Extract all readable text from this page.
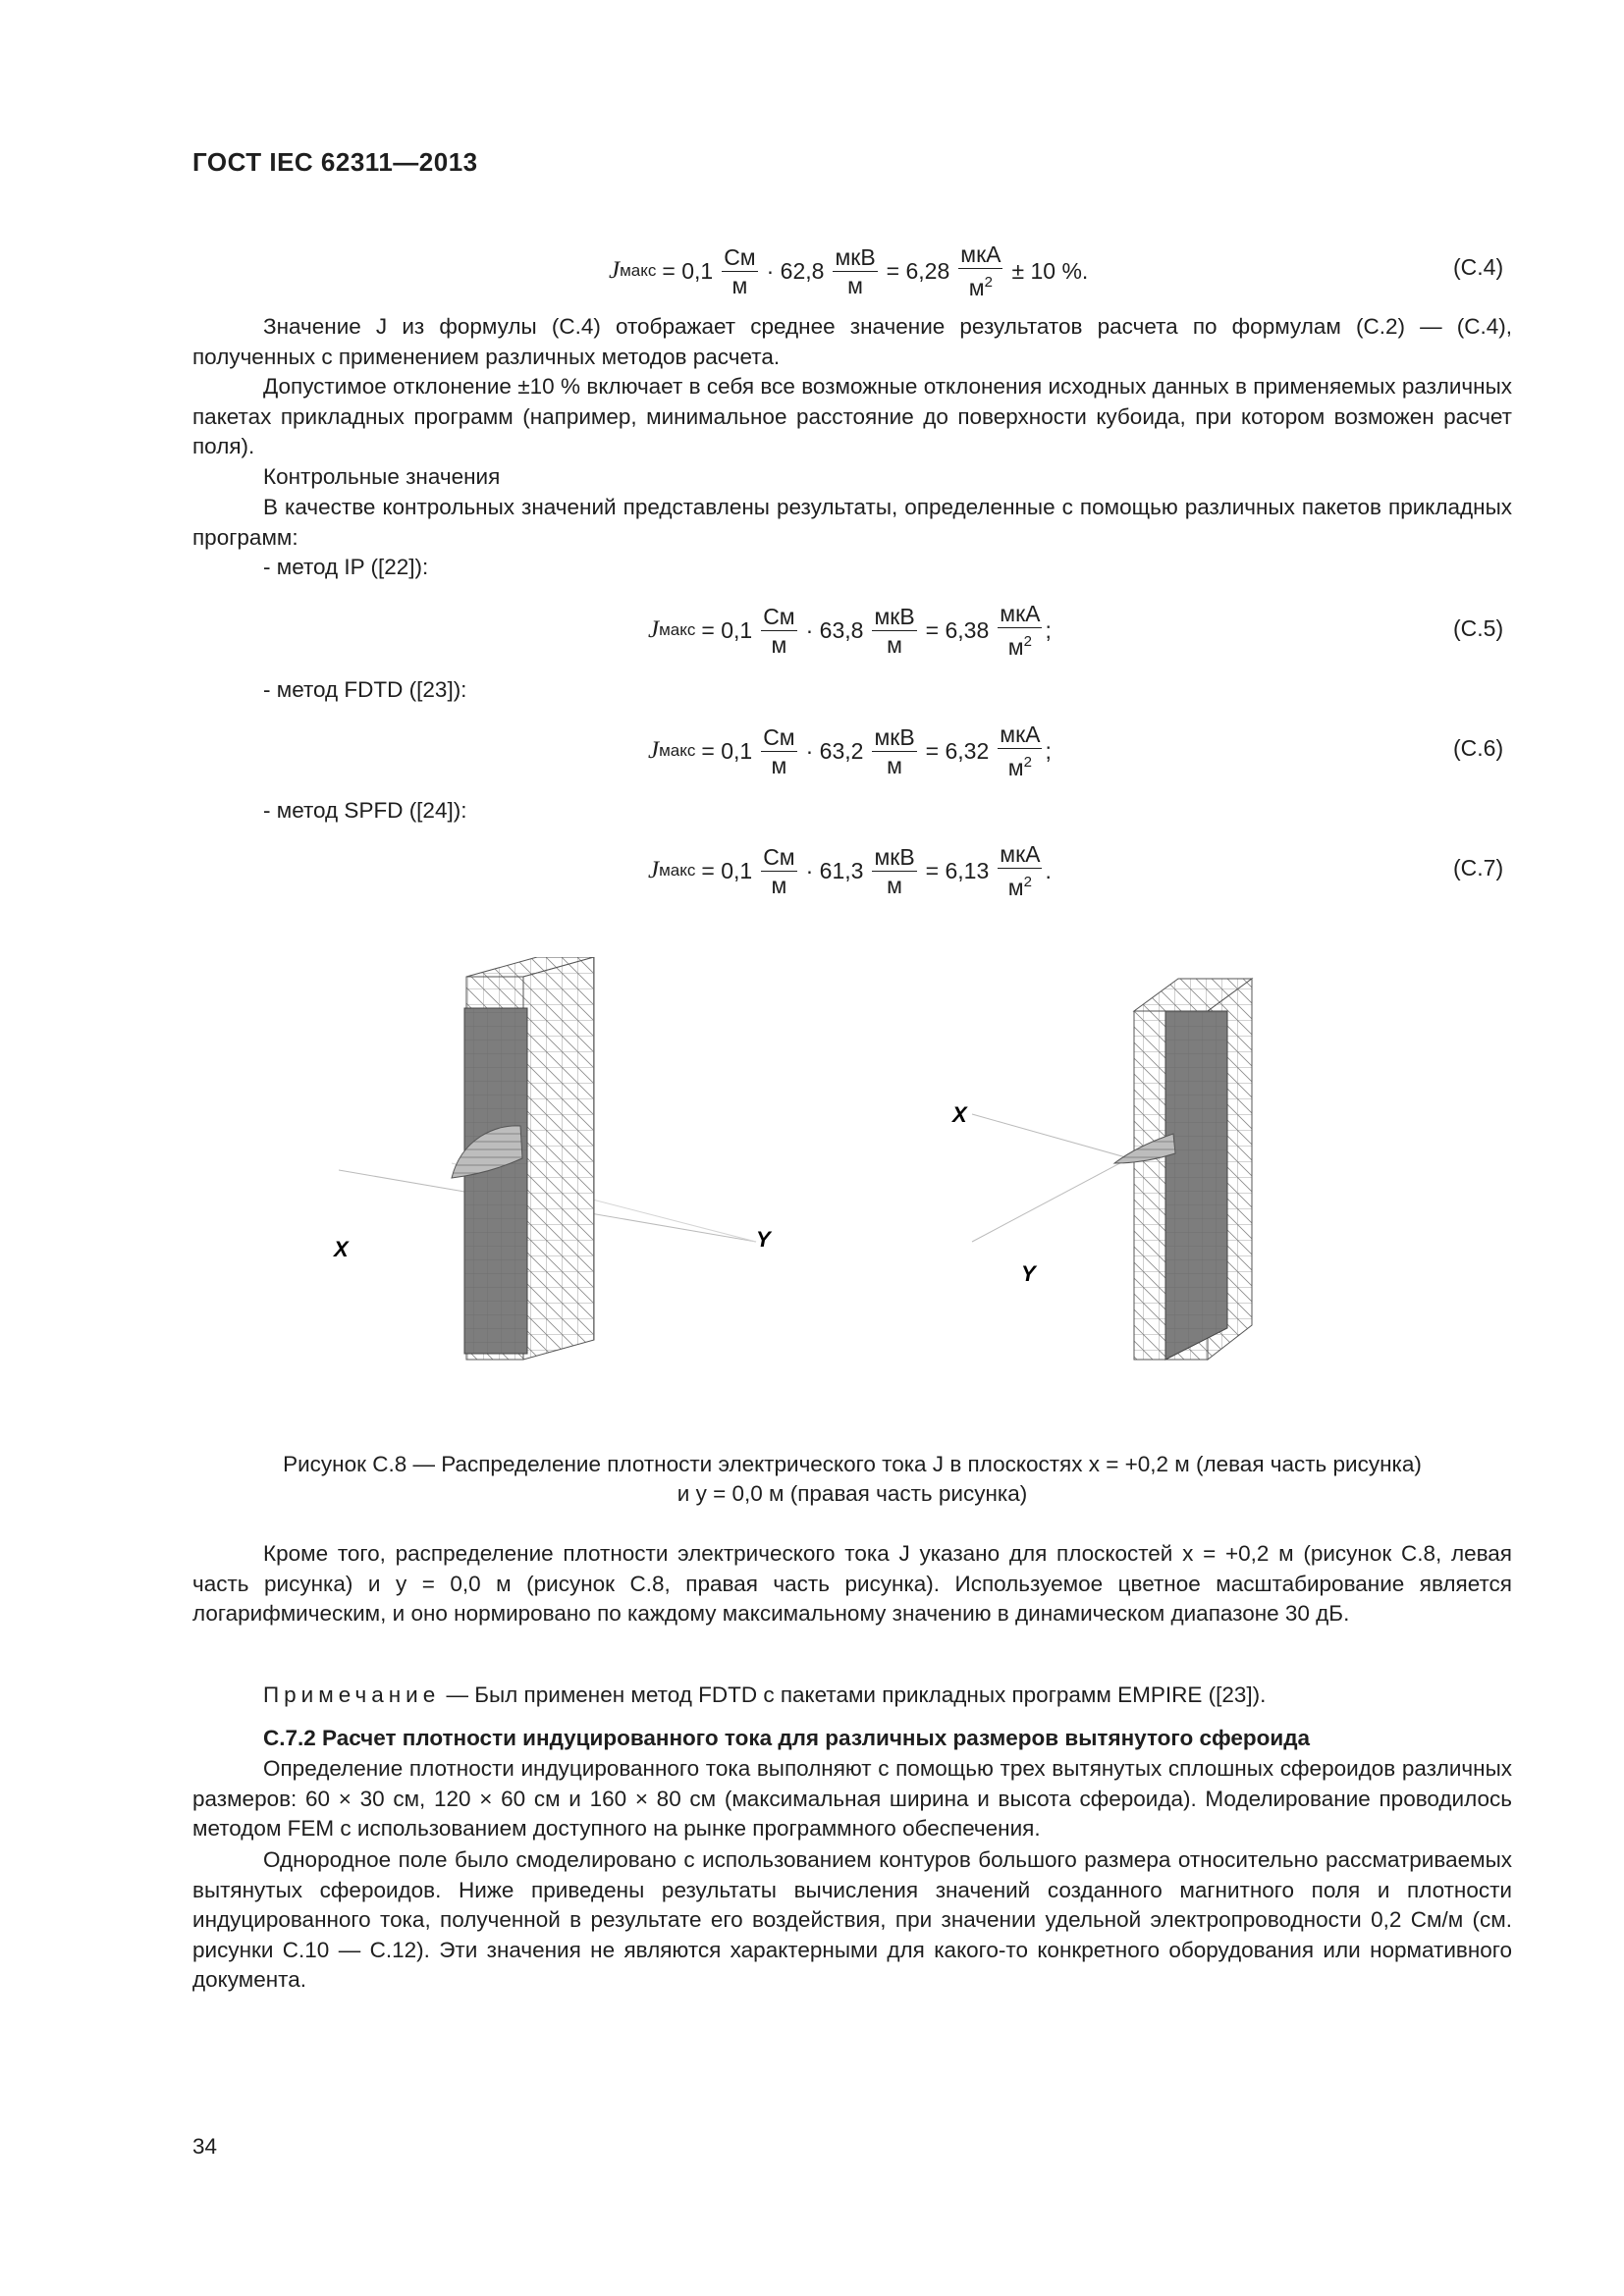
ГОСТ IEC 62311—2013
J макс = $0,1 \frac{См}{м} \cdot 62,8 \frac{\text{мкВ}}{м} = 6,28 \frac{\text{мкА}}{м^2} \pm 10$ %.	(C.4)
Значение J из формулы (C.4) отображает среднее значение результатов расчета по формулам (C.2) — (C.4), полученных с применением различных методов расчета.
Допустимое отклонение ±10 % включает в себя все возможные отклонения исходных данных в применяемых различных пакетах прикладных программ (например, минимальное расстояние до поверхности кубоида, при котором возможен расчет поля).
Контрольные значения
В качестве контрольных значений представлены результаты, определенные с помощью различных пакетов прикладных программ:
- метод IP ([22]):
J макс = $0,1 \frac{См}{м} \cdot 63,8 \frac{\text{мкВ}}{м} = 6,38 \frac{\text{мкА}}{м^2}$ ;	(C.5)
- метод FDTD ([23]):
J макс = $0,1 \frac{См}{м} \cdot 63,2 \frac{\text{мкВ}}{м} = 6,32 \frac{\text{мкА}}{м^2}$ ;	(C.6)
- метод SPFD ([24]):
J макс = $0,1 \frac{См}{м} \cdot 61,3 \frac{\text{мкВ}}{м} = 6,13 \frac{\text{мкА}}{м^2}$ .	(C.7)
X	Y
X
Y
Рисунок C.8 — Распределение плотности электрического тока J в плоскостях x = +0,2 м (левая часть рисунка)
и y = 0,0 м (правая часть рисунка)
Кроме того, распределение плотности электрического тока J указано для плоскостей x = +0,2 м (рисунок C.8, левая часть рисунка) и y = 0,0 м (рисунок C.8, правая часть рисунка). Используемое цветное масштабирование является логарифмическим, и оно нормировано по каждому максимальному значению в динамическом диапазоне 30 дБ.
Примечание — Был применен метод FDTD с пакетами прикладных программ EMPIRE ([23]).
C.7.2 Расчет плотности индуцированного тока для различных размеров вытянутого сфероида
Определение плотности индуцированного тока выполняют с помощью трех вытянутых сплошных сфероидов различных размеров: 60 × 30 см, 120 × 60 см и 160 × 80 см (максимальная ширина и высота сфероида). Моделирование проводилось методом FEM с использованием доступного на рынке программного обеспечения.
Однородное поле было смоделировано с использованием контуров большого размера относительно рассматриваемых вытянутых сфероидов. Ниже приведены результаты вычисления значений созданного магнитного поля и плотности индуцированного тока, полученной в результате его воздействия, при значении удельной электропроводности 0,2 См/м (см. рисунки C.10 — C.12). Эти значения не являются характерными для какого-то конкретного оборудования или нормативного документа.
34
